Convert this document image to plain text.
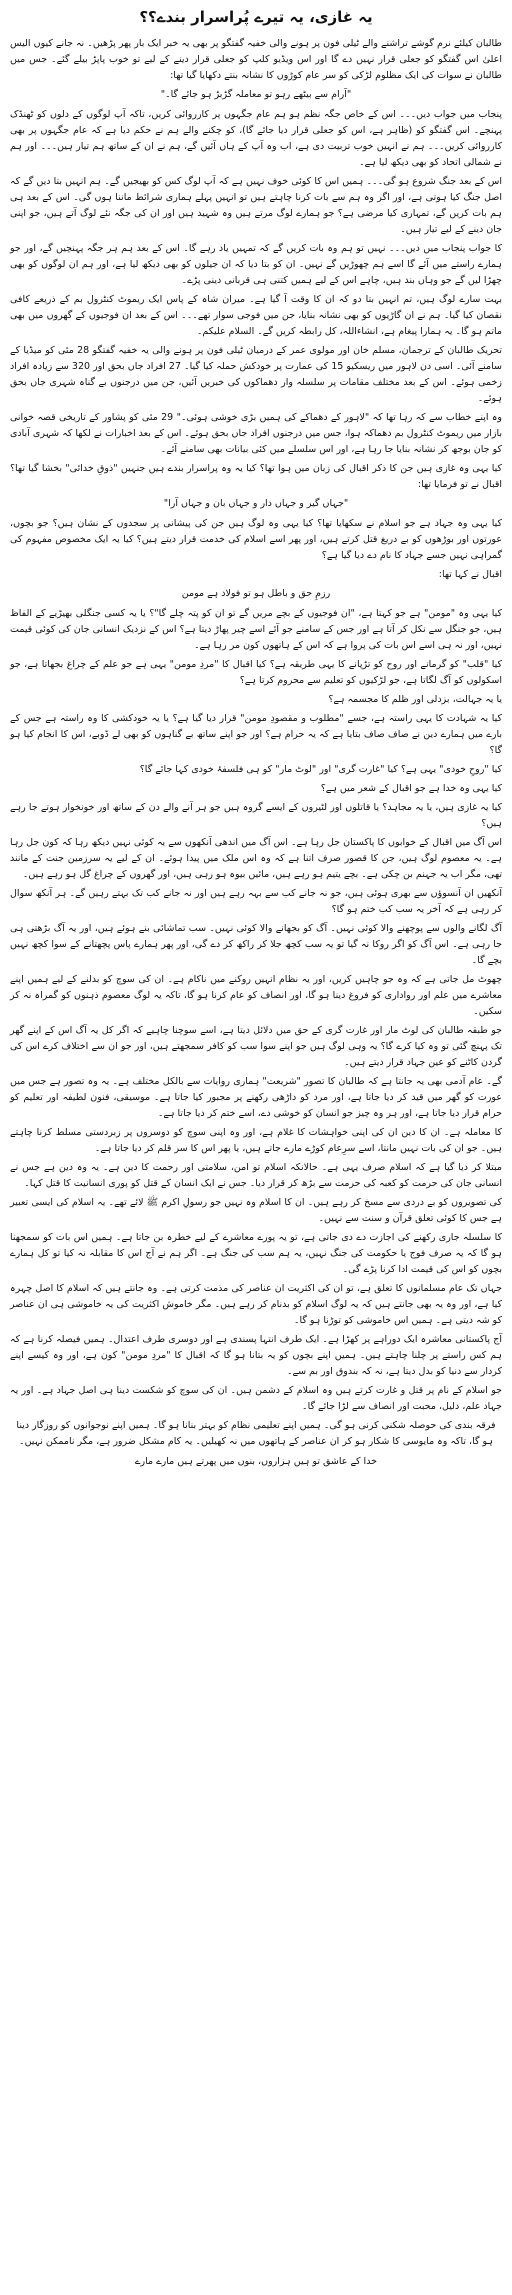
یہ غازی، یہ تیرے پُراسرار بندے؟؟

طالبان کیلئے نرم گوشے تراشنے والے ٹیلی فون پر ہونے والی خفیہ گفتگو پر بھی یہ خبر ایک بار پھر پڑھیں۔ نہ جانے کیوں الیس اعلیٰ اس گفتگو کو جعلی قرار نہیں دے گا اور اس ویڈیو کلپ کو جعلی قرار دینے کے لیے تو خوب پاپڑ بیلے گئے۔ جس میں طالبان نے سوات کی ایک مظلوم لڑکی کو سر عام کوڑوں کا نشانہ بنتے دکھایا گیا تھا:

"آرام سے بیٹھے رہو تو معاملہ گڑبڑ ہو جائے گا۔"

پنجاب میں جواب دیں۔۔۔ اس کے خاص جگہ نظم ہو ہم عام جگہوں پر کارروائی کریں، تاکہ آپ لوگوں کے دلوں کو ٹھنڈک پہنچے۔ اس گفتگو کو (ظاہر ہے، اس کو جعلی قرار دیا جائے گا)، کو چکنے والے ہم نے حکم دیا ہے کہ عام جگہوں پر بھی کارروائی کریں۔۔۔ ہم نے انہیں خوب تربیت دی ہے، اب وہ آپ کے ہاں آئیں گے، ہم نے ان کے ساتھ ہم تیار ہیں۔۔۔ اور ہم نے شمالی اتحاد کو بھی دیکھ لیا ہے۔

اس کے بعد جنگ شروع ہو گی۔۔۔ ہمیں اس کا کوئی خوف نہیں ہے کہ آپ لوگ کس کو بھیجیں گے۔ ہم انہیں بتا دیں گے کہ اصل جنگ کیا ہوتی ہے، اور اگر وہ ہم سے بات کرنا چاہتے ہیں تو انہیں پہلے ہماری شرائط ماننا ہوں گی۔ اس کے بعد ہی ہم بات کریں گے، تمہاری کیا مرضی ہے؟ جو ہمارے لوگ مرتے ہیں وہ شہید ہیں اور ان کی جگہ نئے لوگ آتے ہیں، جو اپنی جان دینے کے لیے تیار ہیں۔

کا جواب پنجاب میں دیں۔۔۔ نہیں تو ہم وہ بات کریں گے کہ تمہیں یاد رہے گا۔ اس کے بعد ہم ہر جگہ پہنچیں گے، اور جو ہمارے راستے میں آئے گا اسے ہم چھوڑیں گے نہیں۔ ان کو بتا دیا کہ ان جیلوں کو بھی دیکھ لیا ہے، اور ہم ان لوگوں کو بھی چھڑا لیں گے جو وہاں بند ہیں، چاہے اس کے لیے ہمیں کتنی ہی قربانی دینی پڑے۔

بہت سارے لوگ ہیں، تم انہیں بتا دو کہ ان کا وقت آ گیا ہے۔ میران شاہ کے پاس ایک ریموٹ کنٹرول بم کے ذریعے کافی نقصان کیا گیا۔ ہم نے ان گاڑیوں کو بھی نشانہ بنایا، جن میں فوجی سوار تھے۔۔۔ اس کے بعد ان فوجیوں کے گھروں میں بھی ماتم ہو گا۔ یہ ہمارا پیغام ہے، انشاءاللہ، کل رابطہ کریں گے۔ السلام علیکم۔

تحریک طالبان کے ترجمان، مسلم خان اور مولوی عمر کے درمیان ٹیلی فون پر ہونے والی یہ خفیہ گفتگو 28 مئی کو میڈیا کے سامنے آئی۔ اسی دن لاہور میں ریسکیو 15 کی عمارت پر خودکش حملہ کیا گیا۔ 27 افراد جاں بحق اور 320 سے زیادہ افراد زخمی ہوئے۔ اس کے بعد مختلف مقامات پر سلسلہ وار دھماکوں کی خبریں آئیں، جن میں درجنوں بے گناہ شہری جاں بحق ہوئے۔

وہ اپنے خطاب سے کہ رہا تھا کہ "لاہور کے دھماکے کی ہمیں بڑی خوشی ہوئی۔" 29 مئی کو پشاور کے تاریخی قصہ خوانی بازار میں ریموٹ کنٹرول بم دھماکہ ہوا، جس میں درجنوں افراد جاں بحق ہوئے۔ اس کے بعد اخبارات نے لکھا کہ شہری آبادی کو جان بوجھ کر نشانہ بنایا جا رہا ہے، اور اس سلسلے میں کئی بیانات بھی سامنے آئے۔

کیا یہی وہ غازی ہیں جن کا ذکر اقبال کی زبان میں ہوا تھا؟ کیا یہ وہ پراسرار بندے ہیں جنہیں "ذوقِ خدائی" بخشا گیا تھا؟ اقبال نے تو فرمایا تھا:

"جہاں گیر و جہاں دار و جہاں بان و جہاں آرا"

کیا یہی وہ جہاد ہے جو اسلام نے سکھایا تھا؟ کیا یہی وہ لوگ ہیں جن کی پیشانی پر سجدوں کے نشان ہیں؟ جو بچوں، عورتوں اور بوڑھوں کو بے دریغ قتل کرتے ہیں، اور پھر اسے اسلام کی خدمت قرار دیتے ہیں؟ کیا یہ ایک مخصوص مفہوم کی گمراہی نہیں جسے جہاد کا نام دے دیا گیا ہے؟

اقبال نے کہا تھا:

رزمِ حق و باطل ہو تو فولاد ہے مومن

کیا یہی وہ "مومن" ہے جو کہتا ہے، "ان فوجیوں کے بچے مریں گے تو ان کو پتہ چلے گا"؟ یا یہ کسی جنگلی بھیڑیے کے الفاظ ہیں، جو جنگل سے نکل کر آتا ہے اور جس کے سامنے جو آئے اسے چیر پھاڑ دیتا ہے؟ اس کے نزدیک انسانی جان کی کوئی قیمت نہیں، اور نہ ہی اسے اس بات کی پروا ہے کہ اس کے ہاتھوں کون مر رہا ہے۔

کیا "قلب" کو گرمانے اور روح کو تڑپانے کا یہی طریقہ ہے؟ کیا اقبال کا "مردِ مومن" یہی ہے جو علم کے چراغ بجھاتا ہے، جو اسکولوں کو آگ لگاتا ہے، جو لڑکیوں کو تعلیم سے محروم کرتا ہے؟

یا یہ جہالت، بزدلی اور ظلم کا مجسمہ ہے؟

کیا یہ شہادت کا یہی راستہ ہے، جسے "مطلوب و مقصودِ مومن" قرار دیا گیا ہے؟ یا یہ خودکشی کا وہ راستہ ہے جس کے بارے میں ہمارے دین نے صاف صاف بتایا ہے کہ یہ حرام ہے؟ اور جو اپنے ساتھ بے گناہوں کو بھی لے ڈوبے، اس کا انجام کیا ہو گا؟

کیا "روحِ خودی" یہی ہے؟ کیا "غارت گری" اور "لوٹ مار" کو ہی فلسفۂ خودی کہا جائے گا؟

کیا یہی وہ خدا ہے جو اقبال کے شعر میں ہے؟

کیا یہ غازی ہیں، یا یہ مجاہد؟ یا قاتلوں اور لٹیروں کے ایسے گروہ ہیں جو ہر آنے والے دن کے ساتھ اور خونخوار ہوتے جا رہے ہیں؟

اس آگ میں اقبال کے خوابوں کا پاکستان جل رہا ہے۔ اس آگ میں اندھی آنکھوں سے یہ کوئی نہیں دیکھ رہا کہ کون جل رہا ہے۔ یہ معصوم لوگ ہیں، جن کا قصور صرف اتنا ہے کہ وہ اس ملک میں پیدا ہوئے۔ ان کے لیے یہ سرزمین جنت کے مانند تھی، مگر اب یہ جہنم بن چکی ہے۔ بچے یتیم ہو رہے ہیں، مائیں بیوہ ہو رہی ہیں، اور گھروں کے چراغ گل ہو رہے ہیں۔

آنکھیں ان آنسوؤں سے بھری ہوئی ہیں، جو نہ جانے کب سے بہہ رہے ہیں اور نہ جانے کب تک بہتے رہیں گے۔ ہر آنکھ سوال کر رہی ہے کہ آخر یہ سب کب ختم ہو گا؟

آگ لگانے والوں سے پوچھنے والا کوئی نہیں۔ آگ کو بجھانے والا کوئی نہیں۔ سب تماشائی بنے ہوئے ہیں، اور یہ آگ بڑھتی ہی جا رہی ہے۔ اس آگ کو اگر روکا نہ گیا تو یہ سب کچھ جلا کر راکھ کر دے گی، اور پھر ہمارے پاس پچھتانے کے سوا کچھ نہیں بچے گا۔

چھوٹ مل جاتی ہے کہ وہ جو چاہیں کریں، اور یہ نظام انہیں روکنے میں ناکام ہے۔ ان کی سوچ کو بدلنے کے لیے ہمیں اپنے معاشرے میں علم اور رواداری کو فروغ دینا ہو گا، اور انصاف کو عام کرنا ہو گا، تاکہ یہ لوگ معصوم ذہنوں کو گمراہ نہ کر سکیں۔

جو طبقہ طالبان کی لوٹ مار اور غارت گری کے حق میں دلائل دیتا ہے، اسے سوچنا چاہیے کہ اگر کل یہ آگ اس کے اپنے گھر تک پہنچ گئی تو وہ کیا کرے گا؟ یہ وہی لوگ ہیں جو اپنے سوا سب کو کافر سمجھتے ہیں، اور جو ان سے اختلاف کرے اس کی گردن کاٹنے کو عین جہاد قرار دیتے ہیں۔

گے۔ عام آدمی بھی یہ جانتا ہے کہ طالبان کا تصور "شریعت" ہماری روایات سے بالکل مختلف ہے۔ یہ وہ تصور ہے جس میں عورت کو گھر میں قید کر دیا جاتا ہے، اور مرد کو داڑھی رکھنے پر مجبور کیا جاتا ہے۔ موسیقی، فنون لطیفہ اور تعلیم کو حرام قرار دیا جاتا ہے، اور ہر وہ چیز جو انسان کو خوشی دے، اسے ختم کر دیا جاتا ہے۔

کا معاملہ ہے۔ ان کا دین ان کی اپنی خواہشات کا غلام ہے، اور وہ اپنی سوچ کو دوسروں پر زبردستی مسلط کرنا چاہتے ہیں۔ جو ان کی بات نہیں مانتا، اسے سرِعام کوڑے مارے جاتے ہیں، یا پھر اس کا سر قلم کر دیا جاتا ہے۔

مبتلا کر دیا گیا ہے کہ اسلام صرف یہی ہے۔ حالانکہ اسلام تو امن، سلامتی اور رحمت کا دین ہے۔ یہ وہ دین ہے جس نے انسانی جان کی حرمت کو کعبہ کی حرمت سے بڑھ کر قرار دیا۔ جس نے ایک انسان کے قتل کو پوری انسانیت کا قتل کہا۔

کی تصویروں کو بے دردی سے مسخ کر رہے ہیں۔ ان کا اسلام وہ نہیں جو رسولِ اکرم ﷺ لائے تھے۔ یہ اسلام کی ایسی تعبیر ہے جس کا کوئی تعلق قرآن و سنت سے نہیں۔

کا سلسلہ جاری رکھنے کی اجازت دے دی جاتی ہے، تو یہ پورے معاشرے کے لیے خطرہ بن جاتا ہے۔ ہمیں اس بات کو سمجھنا ہو گا کہ یہ صرف فوج یا حکومت کی جنگ نہیں، یہ ہم سب کی جنگ ہے۔ اگر ہم نے آج اس کا مقابلہ نہ کیا تو کل ہمارے بچوں کو اس کی قیمت ادا کرنا پڑے گی۔

جہاں تک عام مسلمانوں کا تعلق ہے، تو ان کی اکثریت ان عناصر کی مذمت کرتی ہے۔ وہ جانتے ہیں کہ اسلام کا اصل چہرہ کیا ہے، اور وہ یہ بھی جانتے ہیں کہ یہ لوگ اسلام کو بدنام کر رہے ہیں۔ مگر خاموش اکثریت کی یہ خاموشی ہی ان عناصر کو شہ دیتی ہے۔ ہمیں اس خاموشی کو توڑنا ہو گا۔

آج پاکستانی معاشرہ ایک دوراہے پر کھڑا ہے۔ ایک طرف انتہا پسندی ہے اور دوسری طرف اعتدال۔ ہمیں فیصلہ کرنا ہے کہ ہم کس راستے پر چلنا چاہتے ہیں۔ ہمیں اپنے بچوں کو یہ بتانا ہو گا کہ اقبال کا "مردِ مومن" کون ہے، اور وہ کیسے اپنے کردار سے دنیا کو بدل دیتا ہے، نہ کہ بندوق اور بم سے۔

جو اسلام کے نام پر قتل و غارت کرتے ہیں وہ اسلام کے دشمن ہیں۔ ان کی سوچ کو شکست دینا ہی اصل جہاد ہے۔ اور یہ جہاد علم، دلیل، محبت اور انصاف سے لڑا جائے گا۔

فرقہ بندی کی حوصلہ شکنی کرنی ہو گی۔ ہمیں اپنے تعلیمی نظام کو بہتر بنانا ہو گا۔ ہمیں اپنے نوجوانوں کو روزگار دینا ہو گا، تاکہ وہ مایوسی کا شکار ہو کر ان عناصر کے ہاتھوں میں نہ کھیلیں۔ یہ کام مشکل ضرور ہے، مگر ناممکن نہیں۔

خدا کے عاشق تو ہیں ہزاروں، بنوں میں پھرتے ہیں مارے مارے
